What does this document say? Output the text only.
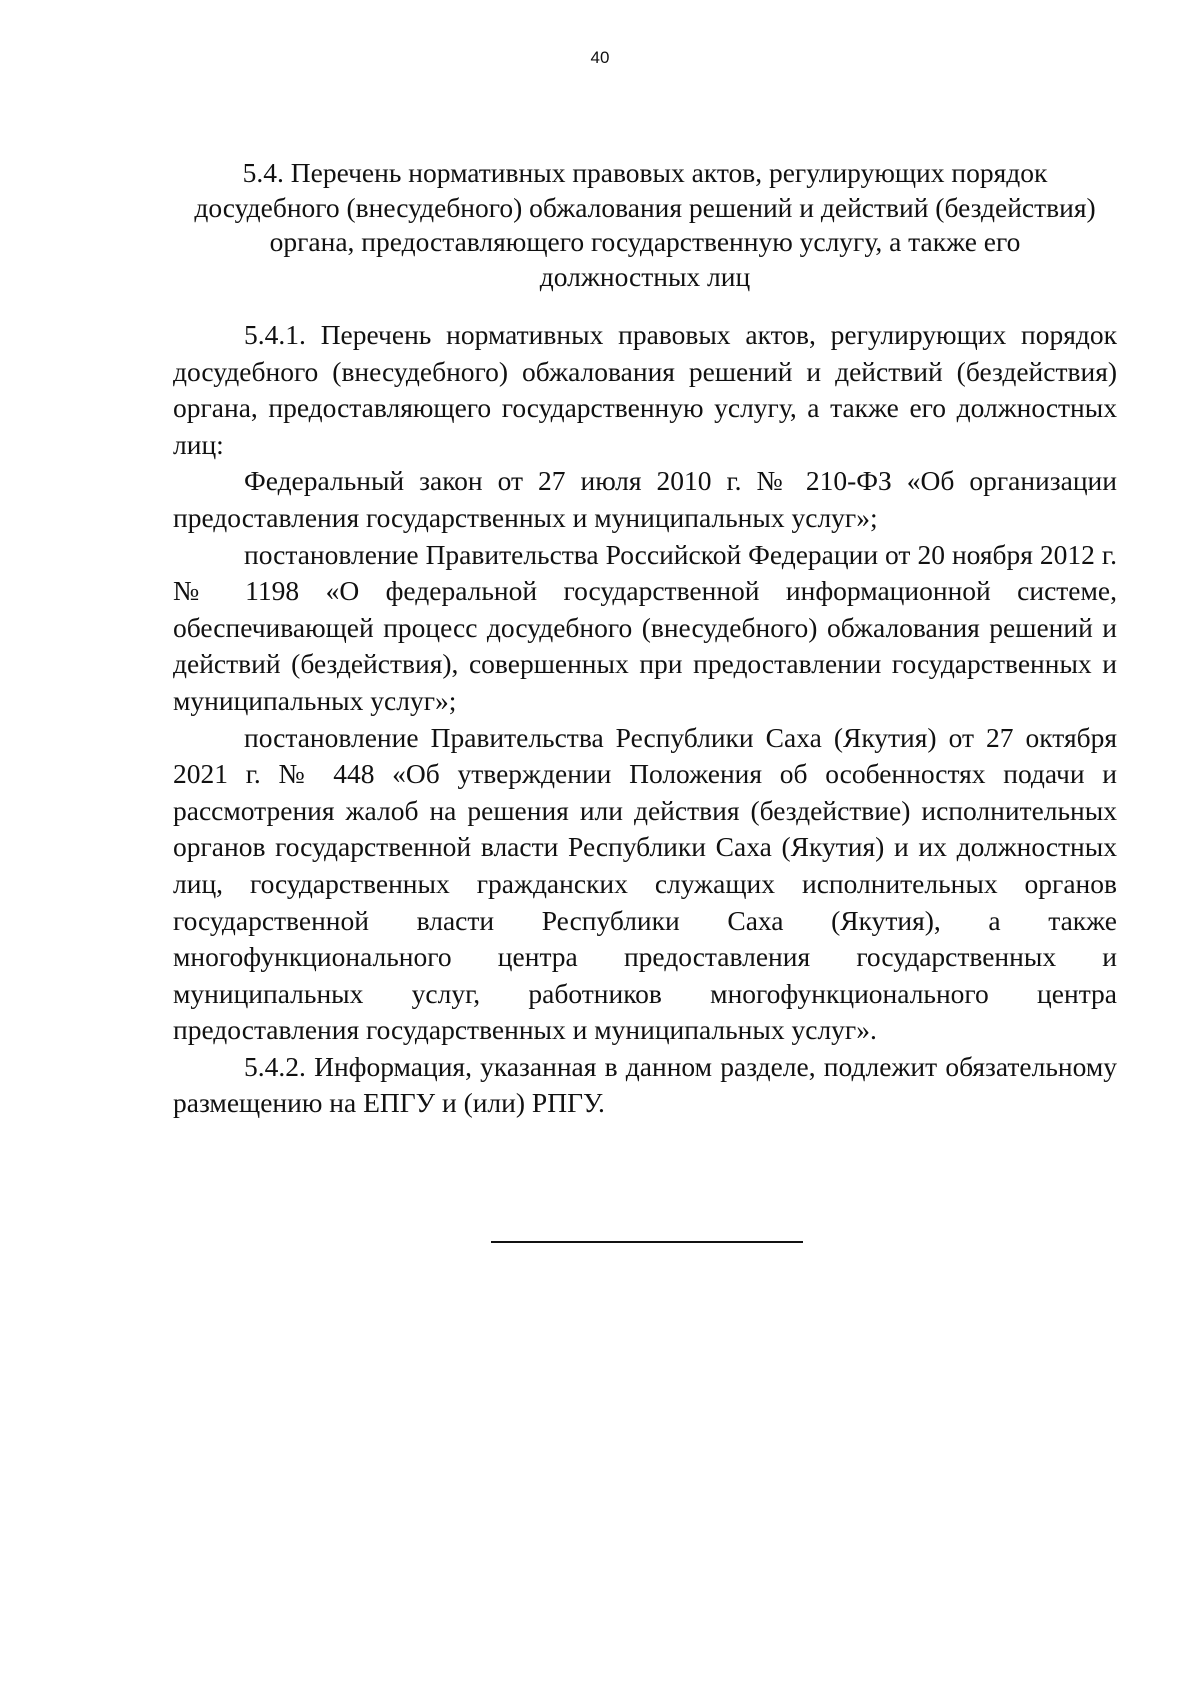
40
5.4. Перечень нормативных правовых актов, регулирующих порядок
досудебного (внесудебного) обжалования решений и действий (бездействия)
органа, предоставляющего государственную услугу, а также его
должностных лиц

5.4.1. Перечень нормативных правовых актов, регулирующих порядок досудебного (внесудебного) обжалования решений и действий (бездействия) органа, предоставляющего государственную услугу, а также его должностных лиц:

Федеральный закон от 27 июля 2010 г. № 210-ФЗ «Об организации предоставления государственных и муниципальных услуг»;

постановление Правительства Российской Федерации от 20 ноября 2012 г. № 1198 «О федеральной государственной информационной системе, обеспечивающей процесс досудебного (внесудебного) обжалования решений и действий (бездействия), совершенных при предоставлении государственных и муниципальных услуг»;

постановление Правительства Республики Саха (Якутия) от 27 октября 2021 г. № 448 «Об утверждении Положения об особенностях подачи и рассмотрения жалоб на решения или действия (бездействие) исполнительных органов государственной власти Республики Саха (Якутия) и их должностных лиц, государственных гражданских служащих исполнительных органов государственной власти Республики Саха (Якутия), а также многофункционального центра предоставления государственных и муниципальных услуг, работников многофункционального центра предоставления государственных и муниципальных услуг».

5.4.2. Информация, указанная в данном разделе, подлежит обязательному размещению на ЕПГУ и (или) РПГУ.
